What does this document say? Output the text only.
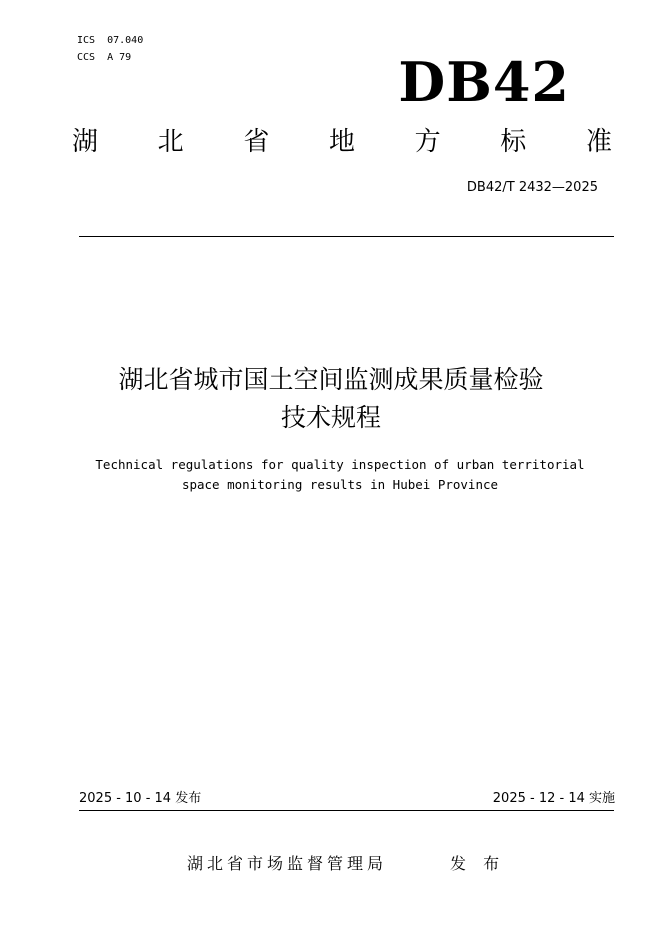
ICS  07.040
CCS  A 79	DB42
湖 北 省 地 方 标 准
DB42/T 2432—2025
湖北省城市国土空间监测成果质量检验
技术规程
Technical regulations for quality inspection of urban territorial
space monitoring results in Hubei Province
2025 - 10 - 14 发布	2025 - 12 - 14 实施
湖北省市场监督管理局	发 布
